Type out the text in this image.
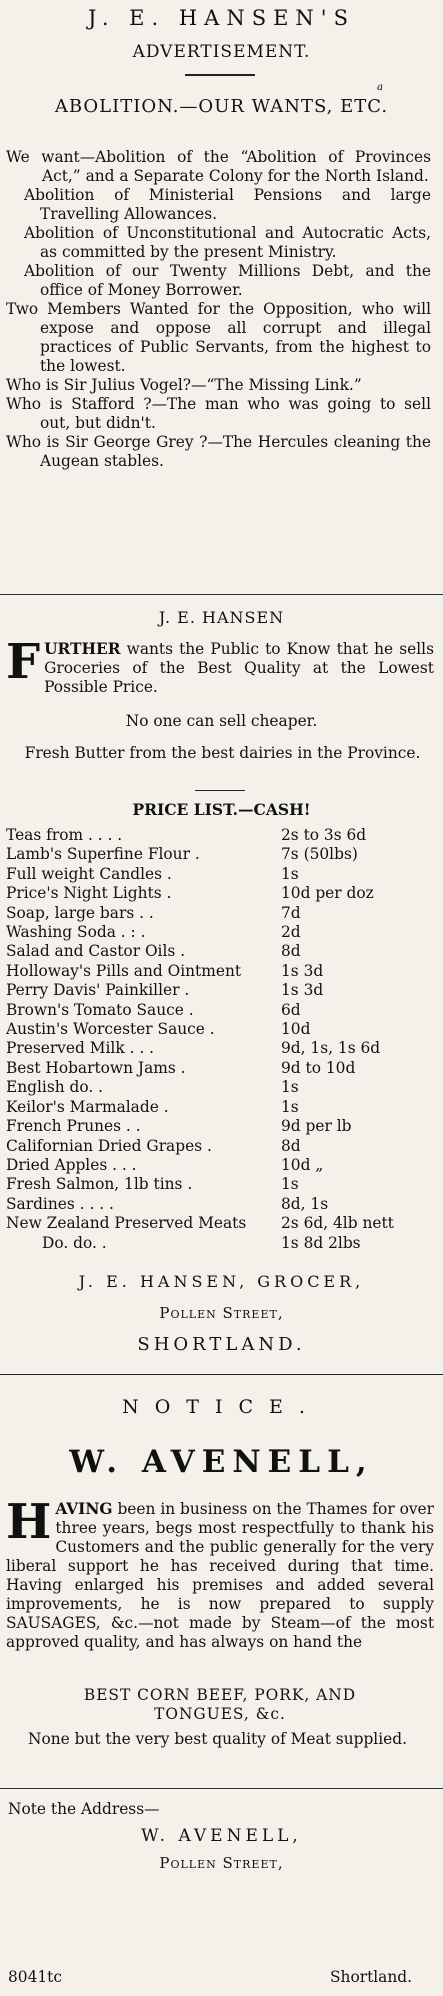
J. E. HANSEN'S
ADVERTISEMENT.
a
ABOLITION.—OUR WANTS, ETC.

We want—Abolition of the “Abolition of Provinces Act,” and a Separate Colony for the North Island.

Abolition of Ministerial Pensions and large Travelling Allowances.

Abolition of Unconstitutional and Autocratic Acts, as committed by the present Ministry.

Abolition of our Twenty Millions Debt, and the office of Money Borrower.

Two Members Wanted for the Opposition, who will expose and oppose all corrupt and illegal practices of Public Servants, from the highest to the lowest.

Who is Sir Julius Vogel?—“The Missing Link.”

Who is Stafford ?—The man who was going to sell out, but didn't.

Who is Sir George Grey ?—The Hercules cleaning the Augean stables.

J. E. HANSEN
F URTHER wants the Public to Know that he sells Groceries of the Best Quality at the Lowest Possible Price.
No one can sell cheaper.
Fresh Butter from the best dairies in the Province.
PRICE LIST.—CASH!
Teas from . . . .	2s to 3s 6d
Lamb's Superfine Flour .	7s (50lbs)
Full weight Candles .	1s
Price's Night Lights .	10d per doz
Soap, large bars . .	7d
Washing Soda . : .	2d
Salad and Castor Oils .	8d
Holloway's Pills and Ointment	1s 3d
Perry Davis' Painkiller .	1s 3d
Brown's Tomato Sauce .	6d
Austin's Worcester Sauce .	10d
Preserved Milk . . .	9d, 1s, 1s 6d
Best Hobartown Jams .	9d to 10d
English do. .	1s
Keilor's Marmalade .	1s
French Prunes . .	9d per lb
Californian Dried Grapes .	8d
Dried Apples . . .	10d „
Fresh Salmon, 1lb tins .	1s
Sardines . . . .	8d, 1s
New Zealand Preserved Meats	2s 6d, 4lb nett
Do. do. .	1s 8d 2lbs
J. E. HANSEN, GROCER,
Pollen Street,
SHORTLAND.
NOTICE.
W. AVENELL,
H AVING been in business on the Thames for over three years, begs most respectfully to thank his Customers and the public generally for the very liberal support he has received during that time. Having enlarged his premises and added several improvements, he is now prepared to supply SAUSAGES, &c.—not made by Steam—of the most approved quality, and has always on hand the
BEST CORN BEEF, PORK, AND TONGUES, &c.
None but the very best quality of Meat supplied.
Note the Address—
W. AVENELL,
Pollen Street,
8041tc	Shortland.
